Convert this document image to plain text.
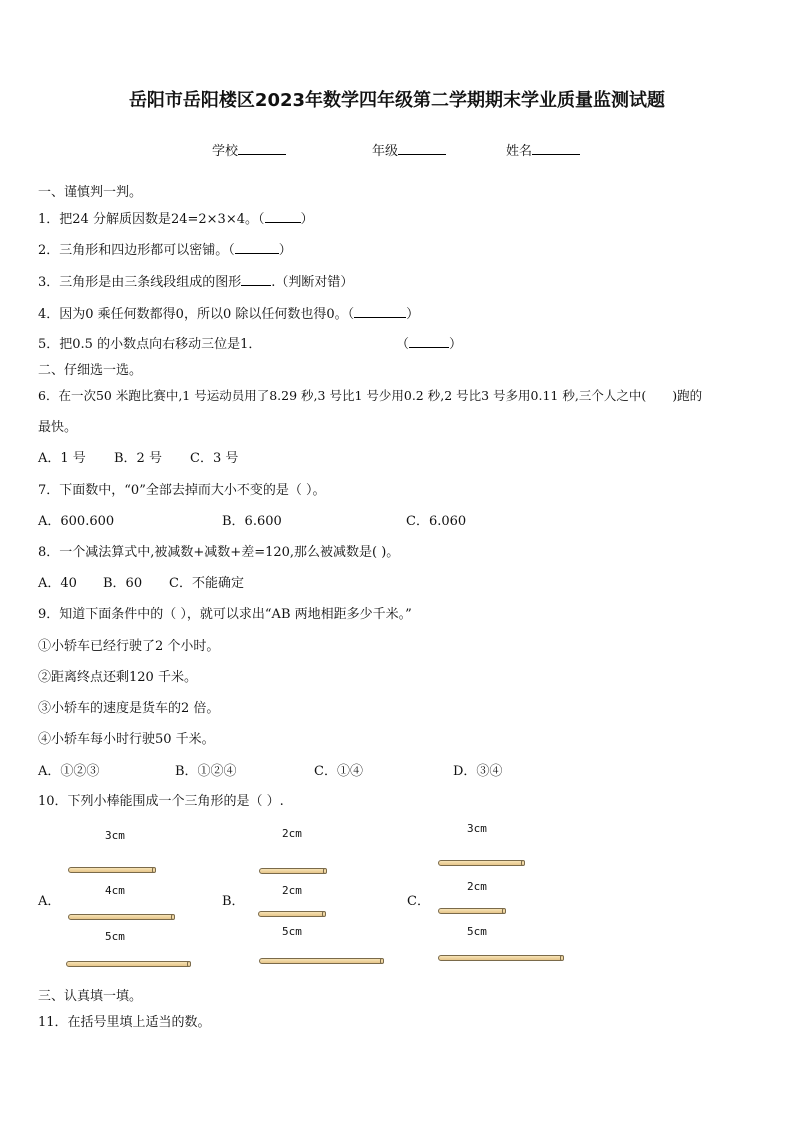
岳阳市岳阳楼区2023年数学四年级第二学期期末学业质量监测试题
学校	年级	姓名
一、谨慎判一判。
1．把24 分解质因数是24=2×3×4。（	）
2．三角形和四边形都可以密铺。（	）
3．三角形是由三条线段组成的图形 .（判断对错）
4．因为0 乘任何数都得0，所以0 除以任何数也得0。（	）
5．把0.5 的小数点向右移动三位是1．	（	）
二、仔细选一选。
6．在一次50 米跑比赛中,1 号运动员用了8.29 秒,3 号比1 号少用0.2 秒,2 号比3 号多用0.11 秒,三个人之中( )跑的
最快。
A．1 号 B．2 号 C．3 号
7．下面数中，“0”全部去掉而大小不变的是（ ）。
A．600.600	B．6.600	C．6.060
8．一个减法算式中,被减数+减数+差=120,那么被减数是( )。
A．40 B．60 C．不能确定
9．知道下面条件中的（ ），就可以求出“AB 两地相距多少千米。”
①小轿车已经行驶了2 个小时。
②距离终点还剩120 千米。
③小轿车的速度是货车的2 倍。
④小轿车每小时行驶50 千米。
A．①②③	B．①②④	C．①④	D．③④
10．下列小棒能围成一个三角形的是（ ）.
A．
3cm
4cm
5cm
B．
2cm
2cm
5cm
C．
3cm
2cm
5cm
三、认真填一填。
11．在括号里填上适当的数。
